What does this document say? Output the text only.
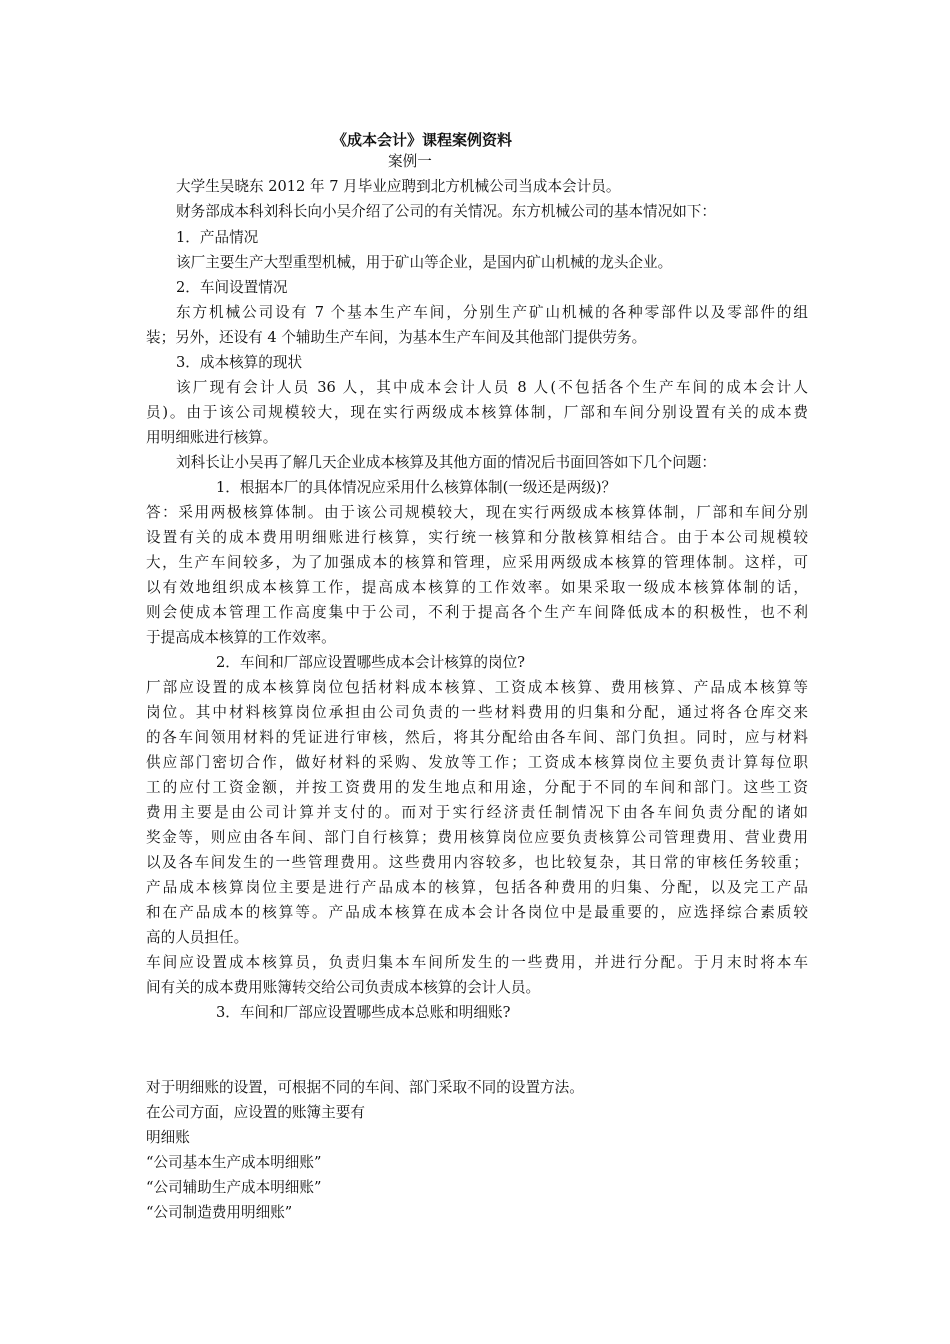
《成本会计》课程案例资料
案例一
大学生吴晓东 2012 年 7 月毕业应聘到北方机械公司当成本会计员。
财务部成本科刘科长向小吴介绍了公司的有关情况。东方机械公司的基本情况如下：
1．产品情况
该厂主要生产大型重型机械，用于矿山等企业，是国内矿山机械的龙头企业。
2．车间设置情况
东方机械公司设有 7 个基本生产车间，分别生产矿山机械的各种零部件以及零部件的组
装；另外，还设有 4 个辅助生产车间，为基本生产车间及其他部门提供劳务。
3．成本核算的现状
该厂现有会计人员 36 人，其中成本会计人员 8 人(不包括各个生产车间的成本会计人
员)。由于该公司规模较大，现在实行两级成本核算体制，厂部和车间分别设置有关的成本费
用明细账进行核算。
刘科长让小吴再了解几天企业成本核算及其他方面的情况后书面回答如下几个问题：
1．根据本厂的具体情况应采用什么核算体制(一级还是两级)？
答：采用两极核算体制。由于该公司规模较大，现在实行两级成本核算体制，厂部和车间分别
设置有关的成本费用明细账进行核算，实行统一核算和分散核算相结合。由于本公司规模较
大，生产车间较多，为了加强成本的核算和管理，应采用两级成本核算的管理体制。这样，可
以有效地组织成本核算工作，提高成本核算的工作效率。如果采取一级成本核算体制的话，
则会使成本管理工作高度集中于公司，不利于提高各个生产车间降低成本的积极性，也不利
于提高成本核算的工作效率。
2．车间和厂部应设置哪些成本会计核算的岗位?
厂部应设置的成本核算岗位包括材料成本核算、工资成本核算、费用核算、产品成本核算等
岗位。其中材料核算岗位承担由公司负责的一些材料费用的归集和分配，通过将各仓库交来
的各车间领用材料的凭证进行审核，然后，将其分配给由各车间、部门负担。同时，应与材料
供应部门密切合作，做好材料的采购、发放等工作；工资成本核算岗位主要负责计算每位职
工的应付工资金额，并按工资费用的发生地点和用途，分配于不同的车间和部门。这些工资
费用主要是由公司计算并支付的。而对于实行经济责任制情况下由各车间负责分配的诸如
奖金等，则应由各车间、部门自行核算；费用核算岗位应要负责核算公司管理费用、营业费用
以及各车间发生的一些管理费用。这些费用内容较多，也比较复杂，其日常的审核任务较重；
产品成本核算岗位主要是进行产品成本的核算，包括各种费用的归集、分配，以及完工产品
和在产品成本的核算等。产品成本核算在成本会计各岗位中是最重要的，应选择综合素质较
高的人员担任。
车间应设置成本核算员，负责归集本车间所发生的一些费用，并进行分配。于月末时将本车
间有关的成本费用账簿转交给公司负责成本核算的会计人员。
3．车间和厂部应设置哪些成本总账和明细账?
对于明细账的设置，可根据不同的车间、部门采取不同的设置方法。
在公司方面，应设置的账簿主要有
明细账
“公司基本生产成本明细账”
“公司辅助生产成本明细账”
“公司制造费用明细账”
